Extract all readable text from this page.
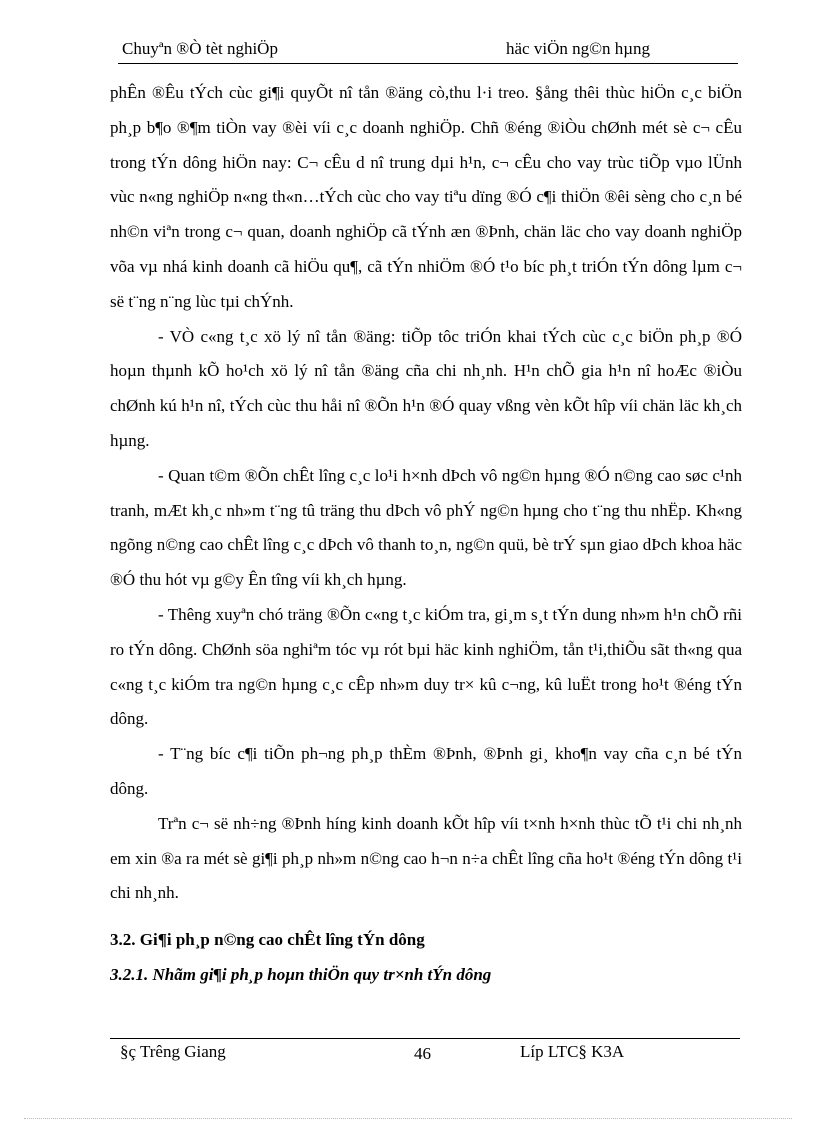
Chuyªn ®Ò tèt nghiÖp	häc viÖn ng©n hµng

phÊn ®Êu tÝch cùc gi¶i quyÕt nî tån ®äng cò,thu l·i treo. §ång thêi thùc hiÖn c¸c biÖn ph¸p b¶o ®¶m tiÒn vay ®èi víi c¸c doanh nghiÖp. Chñ ®éng ®iÒu chØnh mét sè c¬ cÊu trong tÝn dông hiÖn nay: C¬ cÊu d nî trung dµi h¹n, c¬ cÊu cho vay trùc tiÕp vµo lÜnh vùc n«ng nghiÖp n«ng th«n…tÝch cùc cho vay tiªu dïng ®Ó c¶i thiÖn ®êi sèng cho c¸n bé nh©n viªn trong c¬ quan, doanh nghiÖp cã tÝnh æn ®Þnh, chän läc cho vay doanh nghiÖp võa vµ nhá kinh doanh cã hiÖu qu¶, cã tÝn nhiÖm ®Ó t¹o bíc ph¸t triÓn tÝn dông lµm c¬ së t¨ng n¨ng lùc tµi chÝnh.

- VÒ c«ng t¸c xö lý nî tån ®äng: tiÕp tôc triÓn khai tÝch cùc c¸c biÖn ph¸p ®Ó hoµn thµnh kÕ ho¹ch xö lý nî tån ®äng cña chi nh¸nh. H¹n chÕ gia h¹n nî hoÆc ®iÒu chØnh kú h¹n nî, tÝch cùc thu håi nî ®Õn h¹n ®Ó quay vßng vèn kÕt hîp víi chän läc kh¸ch hµng.

- Quan t©m ®Õn chÊt lîng c¸c lo¹i h×nh dÞch vô ng©n hµng ®Ó n©ng cao søc c¹nh tranh, mÆt kh¸c nh»m t¨ng tû träng thu dÞch vô phÝ ng©n hµng cho t¨ng thu nhËp. Kh«ng ngõng n©ng cao chÊt lîng c¸c dÞch vô thanh to¸n, ng©n quü, bè trÝ sµn giao dÞch khoa häc ®Ó thu hót vµ g©y Ên tîng víi kh¸ch hµng.

- Thêng xuyªn chó träng ®Õn c«ng t¸c kiÓm tra, gi¸m s¸t tÝn dung nh»m h¹n chÕ rñi ro tÝn dông. ChØnh söa nghiªm tóc vµ rót bµi häc kinh nghiÖm, tån t¹i,thiÕu sãt th«ng qua c«ng t¸c kiÓm tra ng©n hµng c¸c cÊp nh»m duy tr× kû c¬ng, kû luËt trong ho¹t ®éng tÝn dông.

- T¨ng bíc c¶i tiÕn ph¬ng ph¸p thÈm ®Þnh, ®Þnh gi¸ kho¶n vay cña c¸n bé tÝn dông.

Trªn c¬ së nh÷ng ®Þnh híng kinh doanh kÕt hîp víi t×nh h×nh thùc tÕ t¹i chi nh¸nh em xin ®a ra mét sè gi¶i ph¸p nh»m n©ng cao h¬n n÷a chÊt lîng cña ho¹t ®éng tÝn dông t¹i chi nh¸nh.

3.2. Gi¶i ph¸p n©ng cao chÊt lîng tÝn dông

3.2.1. Nhãm gi¶i ph¸p hoµn thiÖn quy tr×nh tÝn dông

§ç Trêng Giang	46	Líp LTC§ K3A
